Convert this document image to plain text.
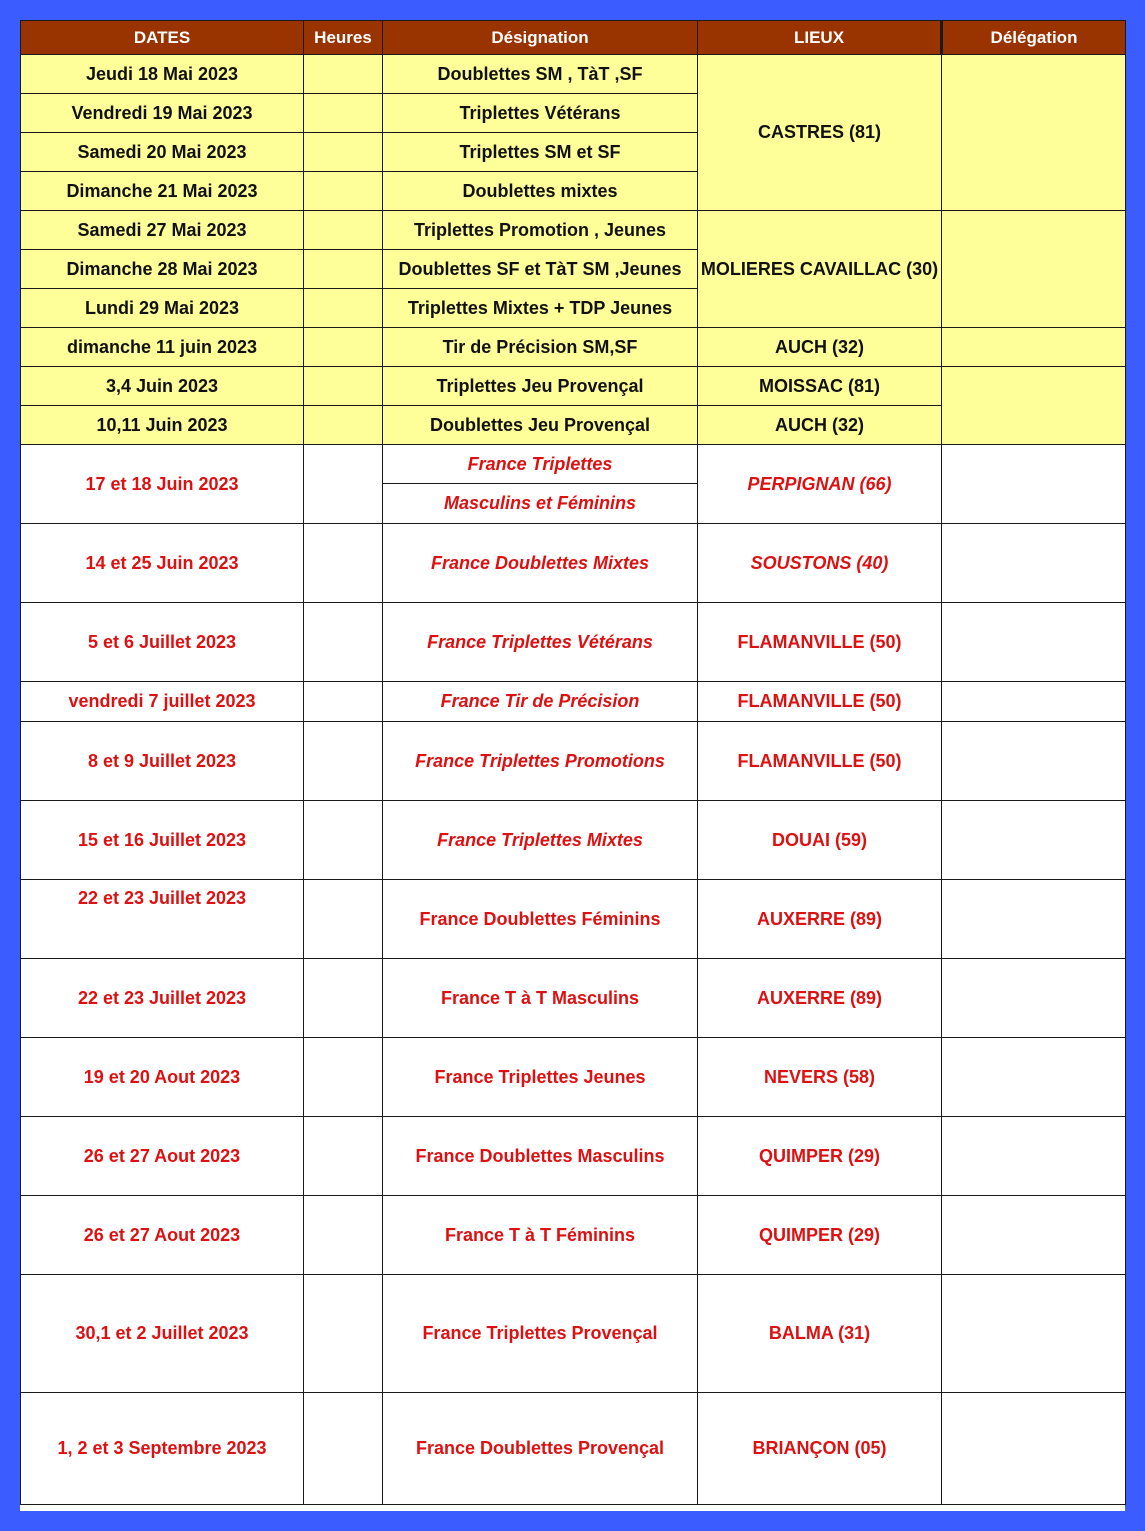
DATES	Heures	Désignation	LIEUX	Délégation
Jeudi 18 Mai 2023		Doublettes SM , TàT ,SF	CASTRES (81)	
Vendredi 19 Mai 2023		Triplettes Vétérans		
Samedi 20 Mai 2023		Triplettes SM et SF		
Dimanche 21 Mai 2023		Doublettes mixtes		
Samedi 27 Mai 2023		Triplettes Promotion , Jeunes	MOLIERES CAVAILLAC (30)	
Dimanche 28 Mai 2023		Doublettes SF et TàT SM ,Jeunes		
Lundi 29 Mai 2023		Triplettes Mixtes + TDP Jeunes		
dimanche 11 juin 2023		Tir de Précision SM,SF	AUCH (32)	
3,4 Juin 2023		Triplettes Jeu Provençal	MOISSAC (81)	
10,11 Juin 2023		Doublettes Jeu Provençal	AUCH (32)	
17 et 18 Juin 2023		France Triplettes	PERPIGNAN (66)	
		Masculins et Féminins		
14 et 25 Juin 2023		France Doublettes Mixtes	SOUSTONS (40)	
5 et 6 Juillet 2023		France Triplettes Vétérans	FLAMANVILLE (50)	
vendredi 7 juillet 2023		France Tir de Précision	FLAMANVILLE (50)	
8 et 9 Juillet 2023		France Triplettes Promotions	FLAMANVILLE (50)	
15 et 16 Juillet 2023		France Triplettes Mixtes	DOUAI (59)	
22 et 23 Juillet 2023		France Doublettes Féminins	AUXERRE (89)	
22 et 23 Juillet 2023		France T à T Masculins	AUXERRE (89)	
19 et 20 Aout 2023		France Triplettes Jeunes	NEVERS (58)	
26 et 27 Aout 2023		France Doublettes Masculins	QUIMPER (29)	
26 et 27 Aout 2023		France T à T Féminins	QUIMPER (29)	
30,1 et 2 Juillet 2023		France Triplettes Provençal	BALMA (31)	
1, 2 et 3 Septembre 2023		France Doublettes Provençal	BRIANÇON (05)	
